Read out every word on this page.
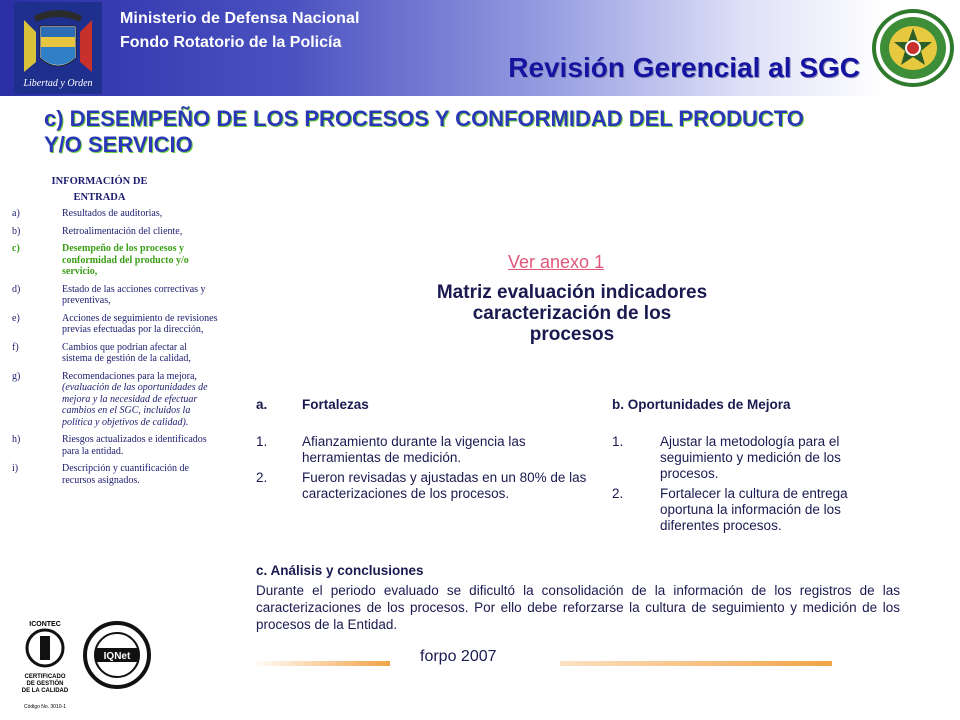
Libertad y Orden
Ministerio de Defensa Nacional
Fondo Rotatorio de la Policía
Revisión Gerencial al SGC
c) DESEMPEÑO DE LOS PROCESOS Y CONFORMIDAD DEL PRODUCTO Y/O SERVICIO
INFORMACIÓN DE
ENTRADA
a)	Resultados de auditorias,
b)	Retroalimentación del cliente,
c)	Desempeño de los procesos y conformidad del producto y/o servicio,
d)	Estado de las acciones correctivas y preventivas,
e)	Acciones de seguimiento de revisiones previas efectuadas por la dirección,
f)	Cambios que podrían afectar al sistema de gestión de la calidad,
g)	Recomendaciones para la mejora, (evaluación de las oportunidades de mejora y la necesidad de efectuar cambios en el SGC, incluidos la política y objetivos de calidad).
h)	Riesgos actualizados e identificados para la entidad.
i)	Descripción y cuantificación de recursos asignados.
ICONTEC
CERTIFICADO
DE GESTIÓN
DE LA CALIDAD
Código No. 3010-1
IQNet
Ver anexo 1
Matriz evaluación indicadores
caracterización de los
procesos
a.	Fortalezas
1.	Afianzamiento durante la vigencia las herramientas de medición.
2.	Fueron revisadas y ajustadas en un 80% de las caracterizaciones de los procesos.
b. Oportunidades de Mejora
1.	Ajustar la metodología para el seguimiento y medición de los procesos.
2.	Fortalecer la cultura de entrega oportuna la información de los diferentes procesos.
c. Análisis y conclusiones
Durante el periodo evaluado se dificultó la consolidación de la información de los registros de las caracterizaciones de los procesos. Por ello debe reforzarse la cultura de seguimiento y medición de los procesos de la Entidad.
forpo 2007
